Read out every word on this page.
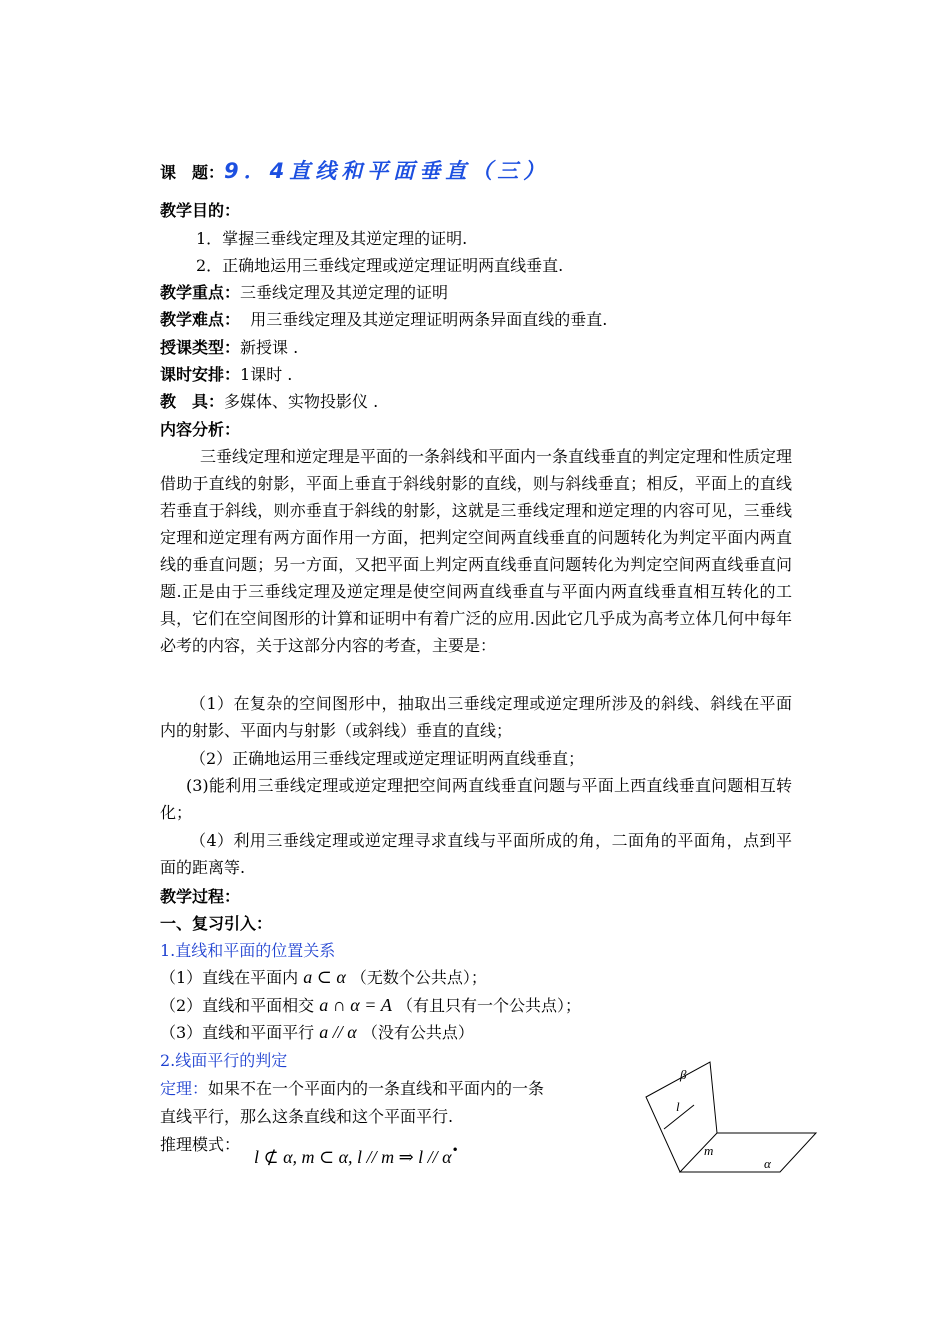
课　题：9．4直线和平面垂直（三）
教学目的：
1．掌握三垂线定理及其逆定理的证明.
2．正确地运用三垂线定理或逆定理证明两直线垂直.
教学重点：三垂线定理及其逆定理的证明
教学难点：  用三垂线定理及其逆定理证明两条异面直线的垂直.
授课类型：新授课 .
课时安排：1课时 .
教　具：多媒体、实物投影仪 .
内容分析：
三垂线定理和逆定理是平面的一条斜线和平面内一条直线垂直的判定定理和性质定理借助于直线的射影，平面上垂直于斜线射影的直线，则与斜线垂直；相反，平面上的直线若垂直于斜线，则亦垂直于斜线的射影，这就是三垂线定理和逆定理的内容可见，三垂线定理和逆定理有两方面作用一方面，把判定空间两直线垂直的问题转化为判定平面内两直线的垂直问题；另一方面，又把平面上判定两直线垂直问题转化为判定空间两直线垂直问题.正是由于三垂线定理及逆定理是使空间两直线垂直与平面内两直线垂直相互转化的工具，它们在空间图形的计算和证明中有着广泛的应用.因此它几乎成为高考立体几何中每年必考的内容，关于这部分内容的考查，主要是：
（1）在复杂的空间图形中，抽取出三垂线定理或逆定理所涉及的斜线、斜线在平面内的射影、平面内与射影（或斜线）垂直的直线；
（2）正确地运用三垂线定理或逆定理证明两直线垂直；
(3)能利用三垂线定理或逆定理把空间两直线垂直问题与平面上西直线垂直问题相互转化；
（4）利用三垂线定理或逆定理寻求直线与平面所成的角，二面角的平面角，点到平面的距离等.
教学过程：
一、复习引入：
1.直线和平面的位置关系
（1）直线在平面内 a ⊂ α （无数个公共点）；
（2）直线和平面相交 a ∩ α = A （有且只有一个公共点）；
（3）直线和平面平行 a // α （没有公共点）
2.线面平行的判定
定理：如果不在一个平面内的一条直线和平面内的一条
直线平行，那么这条直线和这个平面平行.
推理模式：
l ⊄ α, m ⊂ α, l // m ⇒ l // α•
β
l
m
α
